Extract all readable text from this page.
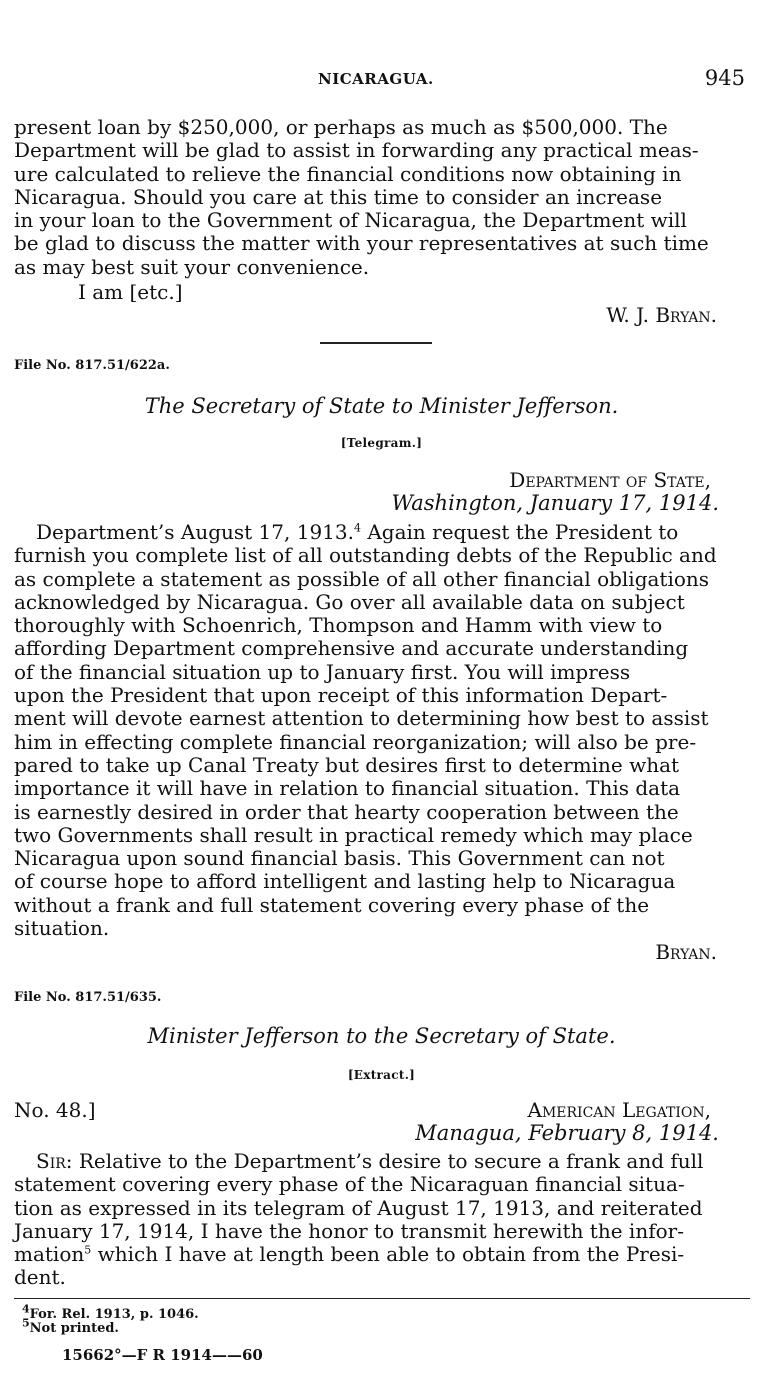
NICARAGUA.	945
present loan by $250,000, or perhaps as much as $500,000. The
Department will be glad to assist in forwarding any practical meas-
ure calculated to relieve the financial conditions now obtaining in
Nicaragua. Should you care at this time to consider an increase
in your loan to the Government of Nicaragua, the Department will
be glad to discuss the matter with your representatives at such time
as may best suit your convenience.
I am [etc.]
W. J. Bryan.
File No. 817.51/622a.
The Secretary of State to Minister Jefferson.
[Telegram.]
Department of State,
Washington, January 17, 1914.
Department’s August 17, 1913.$^4$ Again request the President to
furnish you complete list of all outstanding debts of the Republic and
as complete a statement as possible of all other financial obligations
acknowledged by Nicaragua. Go over all available data on subject
thoroughly with Schoenrich, Thompson and Hamm with view to
affording Department comprehensive and accurate understanding
of the financial situation up to January first. You will impress
upon the President that upon receipt of this information Depart-
ment will devote earnest attention to determining how best to assist
him in effecting complete financial reorganization; will also be pre-
pared to take up Canal Treaty but desires first to determine what
importance it will have in relation to financial situation. This data
is earnestly desired in order that hearty cooperation between the
two Governments shall result in practical remedy which may place
Nicaragua upon sound financial basis. This Government can not
of course hope to afford intelligent and lasting help to Nicaragua
without a frank and full statement covering every phase of the
situation.
Bryan.
File No. 817.51/635.
Minister Jefferson to the Secretary of State.
[Extract.]
No. 48.]	American Legation,
Managua, February 8, 1914.
Sir: Relative to the Department’s desire to secure a frank and full
statement covering every phase of the Nicaraguan financial situa-
tion as expressed in its telegram of August 17, 1913, and reiterated
January 17, 1914, I have the honor to transmit herewith the infor-
mation$^5$ which I have at length been able to obtain from the Presi-
dent.
$^4$For. Rel. 1913, p. 1046.
$^5$Not printed.
15662°—F R 1914——60
